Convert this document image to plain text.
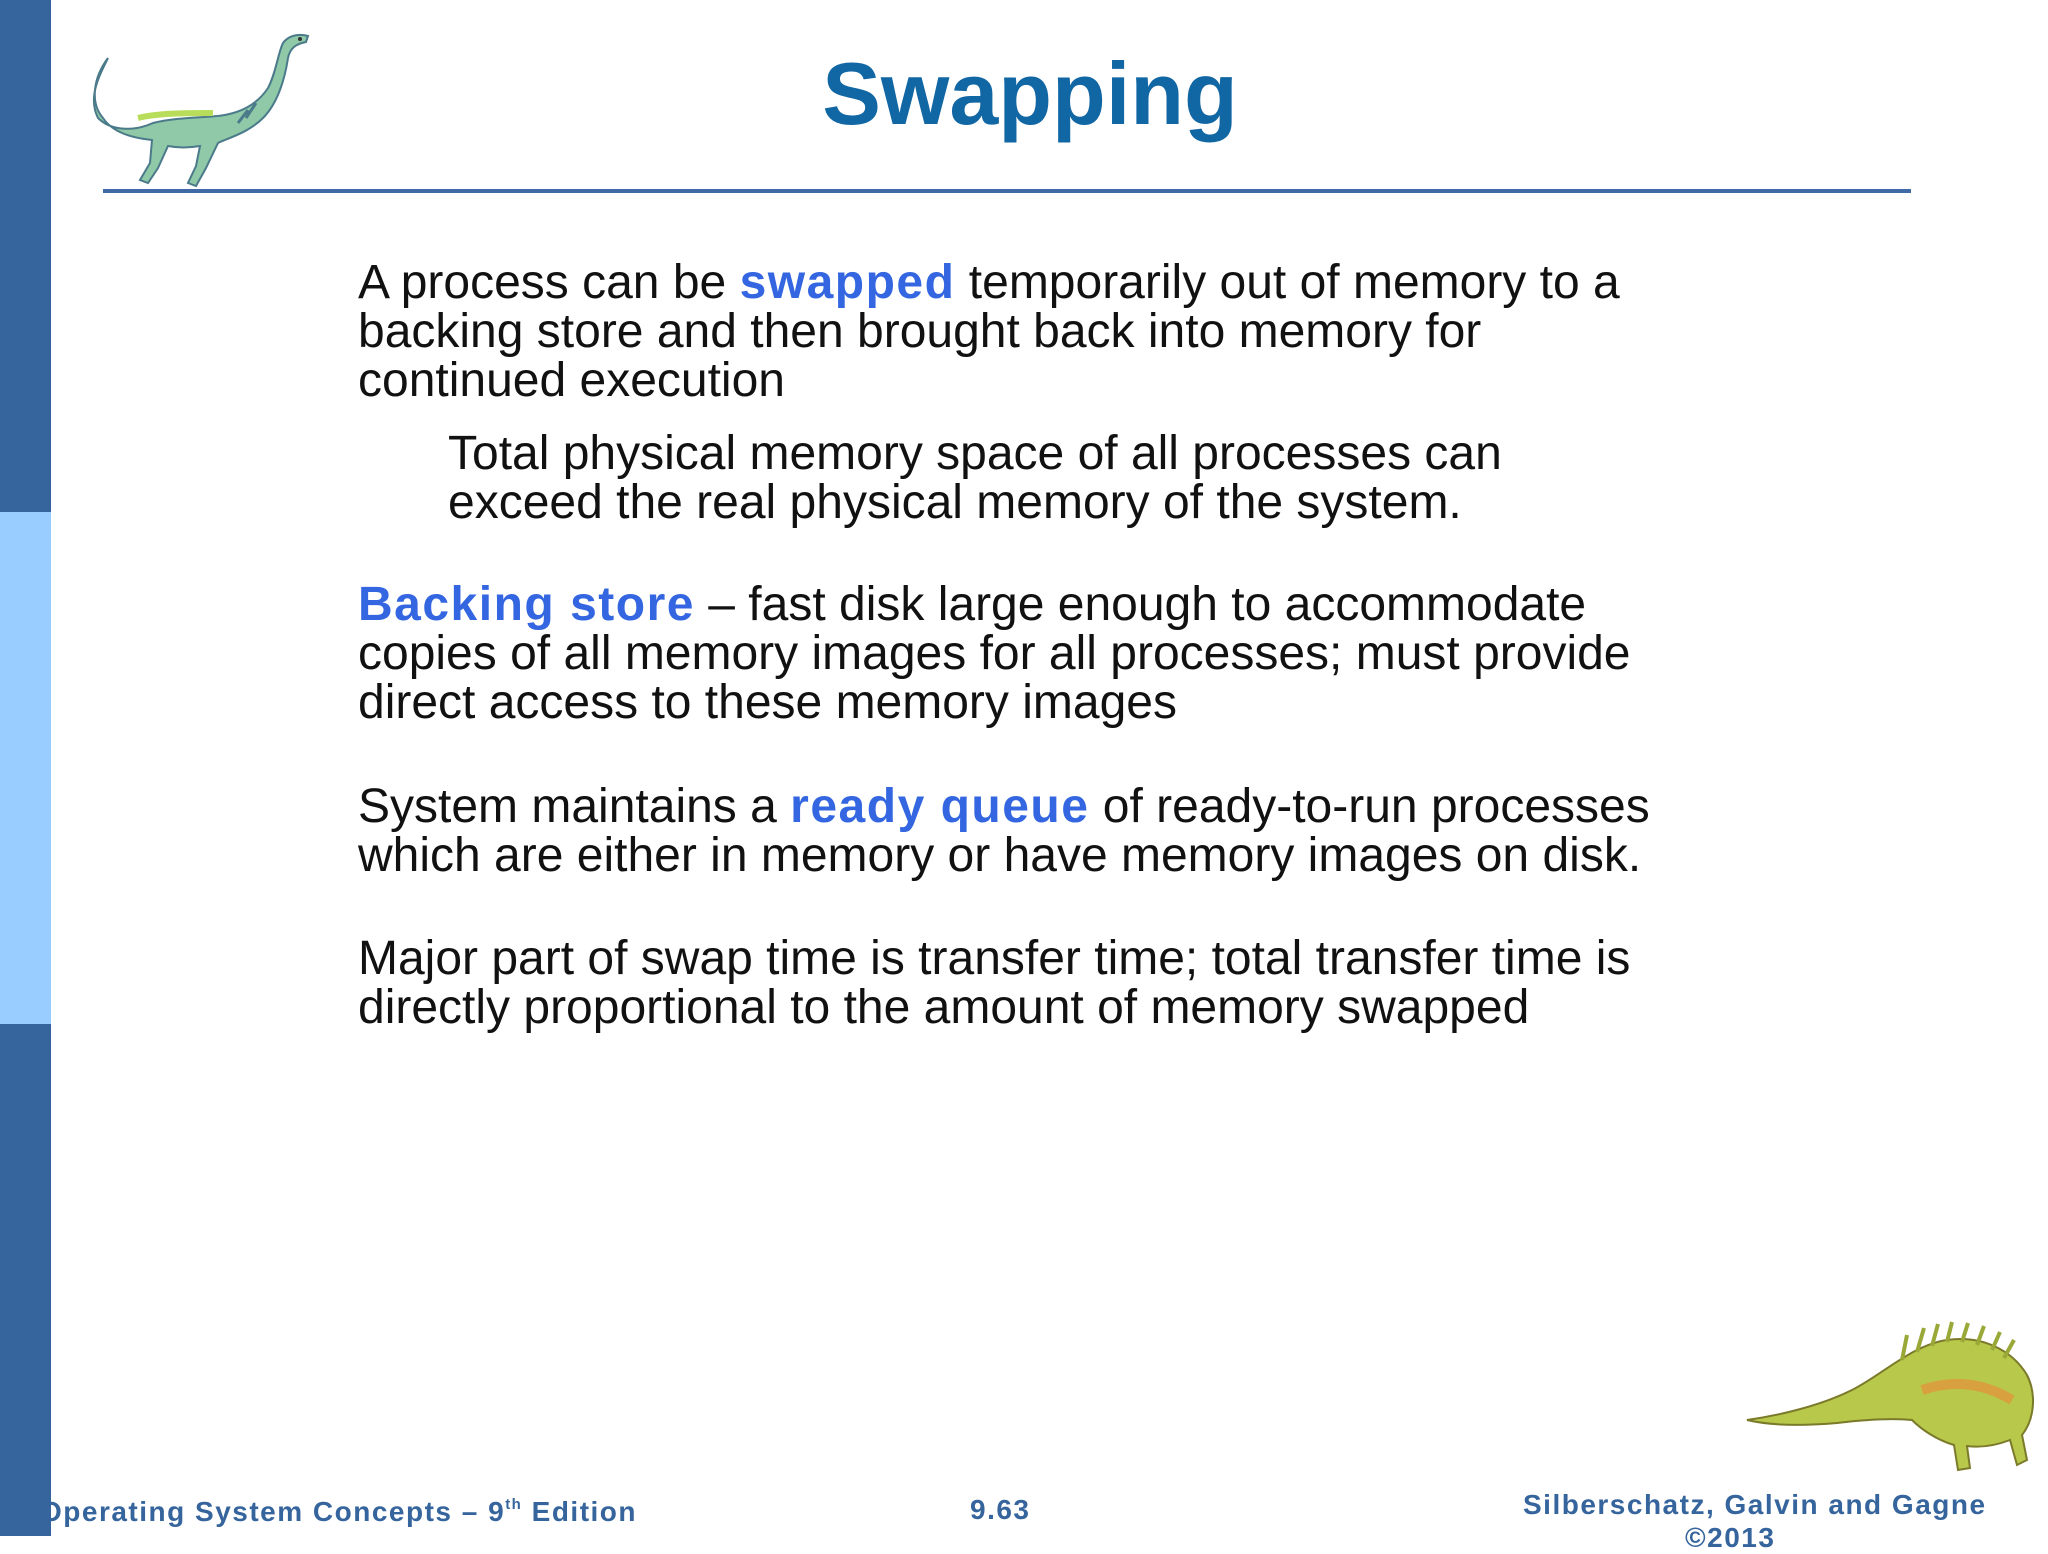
Swapping
A process can be swapped temporarily out of memory to a
backing store and then brought back into memory for
continued execution
Total physical memory space of all processes can
exceed the real physical memory of the system.
Backing store – fast disk large enough to accommodate
copies of all memory images for all processes; must provide
direct access to these memory images
System maintains a ready queue of ready-to-run processes
which are either in memory or have memory images on disk.
Major part of swap time is transfer time; total transfer time is
directly proportional to the amount of memory swapped
Operating System Concepts – 9th Edition	9.63	Silberschatz, Galvin and Gagne
©2013
